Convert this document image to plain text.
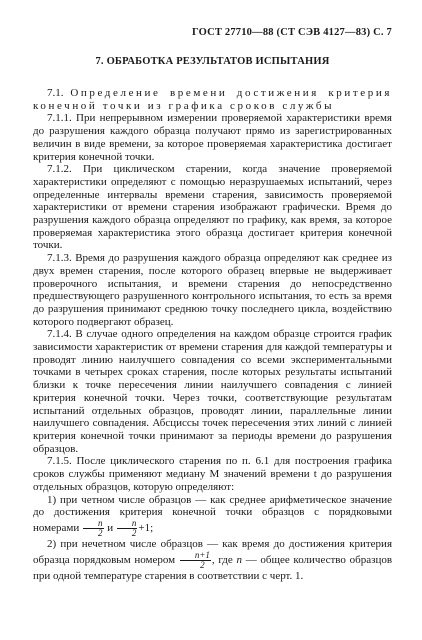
ГОСТ 27710—88 (СТ СЭВ 4127—83) С. 7
7. ОБРАБОТКА РЕЗУЛЬТАТОВ ИСПЫТАНИЯ

7.1. Определение времени достижения критерия конечной точки из графика сроков службы

7.1.1. При непрерывном измерении проверяемой характеристики время до разрушения каждого образца получают прямо из зарегистрированных величин в виде времени, за которое проверяемая характеристика достигает критерия конечной точки.

7.1.2. При циклическом старении, когда значение проверяемой характеристики определяют с помощью неразрушаемых испытаний, через определенные интервалы времени старения, зависимость проверяемой характеристики от времени старения изображают графически. Время до разрушения каждого образца определяют по графику, как время, за которое проверяемая характеристика этого образца достигает критерия конечной точки.

7.1.3. Время до разрушения каждого образца определяют как среднее из двух времен старения, после которого образец впервые не выдерживает проверочного испытания, и времени старения до непосредственно предшествующего разрушенного контрольного испытания, то есть за время до разрушения принимают среднюю точку последнего цикла, воздействию которого подвергают образец.

7.1.4. В случае одного определения на каждом образце строится график зависимости характеристик от времени старения для каждой температуры и проводят линию наилучшего совпадения со всеми экспериментальными точками в четырех сроках старения, после которых результаты испытаний близки к точке пересечения линии наилучшего совпадения с линией критерия конечной точки. Через точки, соответствующие результатам испытаний отдельных образцов, проводят линии, параллельные линии наилучшего совпадения. Абсциссы точек пересечения этих линий с линией критерия конечной точки принимают за периоды времени до разрушения образцов.

7.1.5. После циклического старения по п. 6.1 для построения графика сроков службы применяют медиану М значений времени t до разрушения отдельных образцов, которую определяют:

1) при четном числе образцов — как среднее арифметическое значение до достижения критерия конечной точки образцов с порядковыми номерами $\frac{n}{2}$ и $\frac{n}{2} +1$;

2) при нечетном числе образцов — как время до достижения критерия образца порядковым номером $\frac{n+1}{2}$ , где n — общее количество образцов при одной температуре старения в соответствии с черт. 1.
